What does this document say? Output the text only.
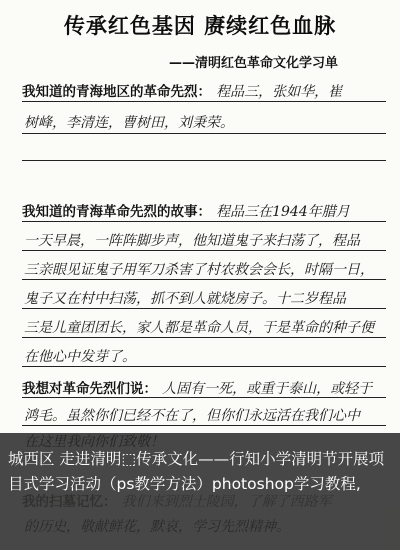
传承红色基因 赓续红色血脉
——清明红色革命文化学习单
我知道的青海地区的革命先烈： 程品三，张如华，崔
树峰，李清连，曹树田，刘秉荣。
我知道的青海革命先烈的故事： 程品三在1944年腊月
一天早晨，一阵阵脚步声，他知道鬼子来扫荡了，程品
三亲眼见证鬼子用军刀杀害了村农救会会长，时隔一日，
鬼子又在村中扫荡，抓不到人就烧房子。十二岁程品
三是儿童团团长，家人都是革命人员，于是革命的种子便
在他心中发芽了。
我想对革命先烈们说： 人固有一死，或重于泰山，或轻于
鸿毛。虽然你们已经不在了，但你们永远活在我们心中
城西区 走进清明⬚传承文化——行知小学清明节开展项目式学习活动（ps教学方法）photoshop学习教程,
